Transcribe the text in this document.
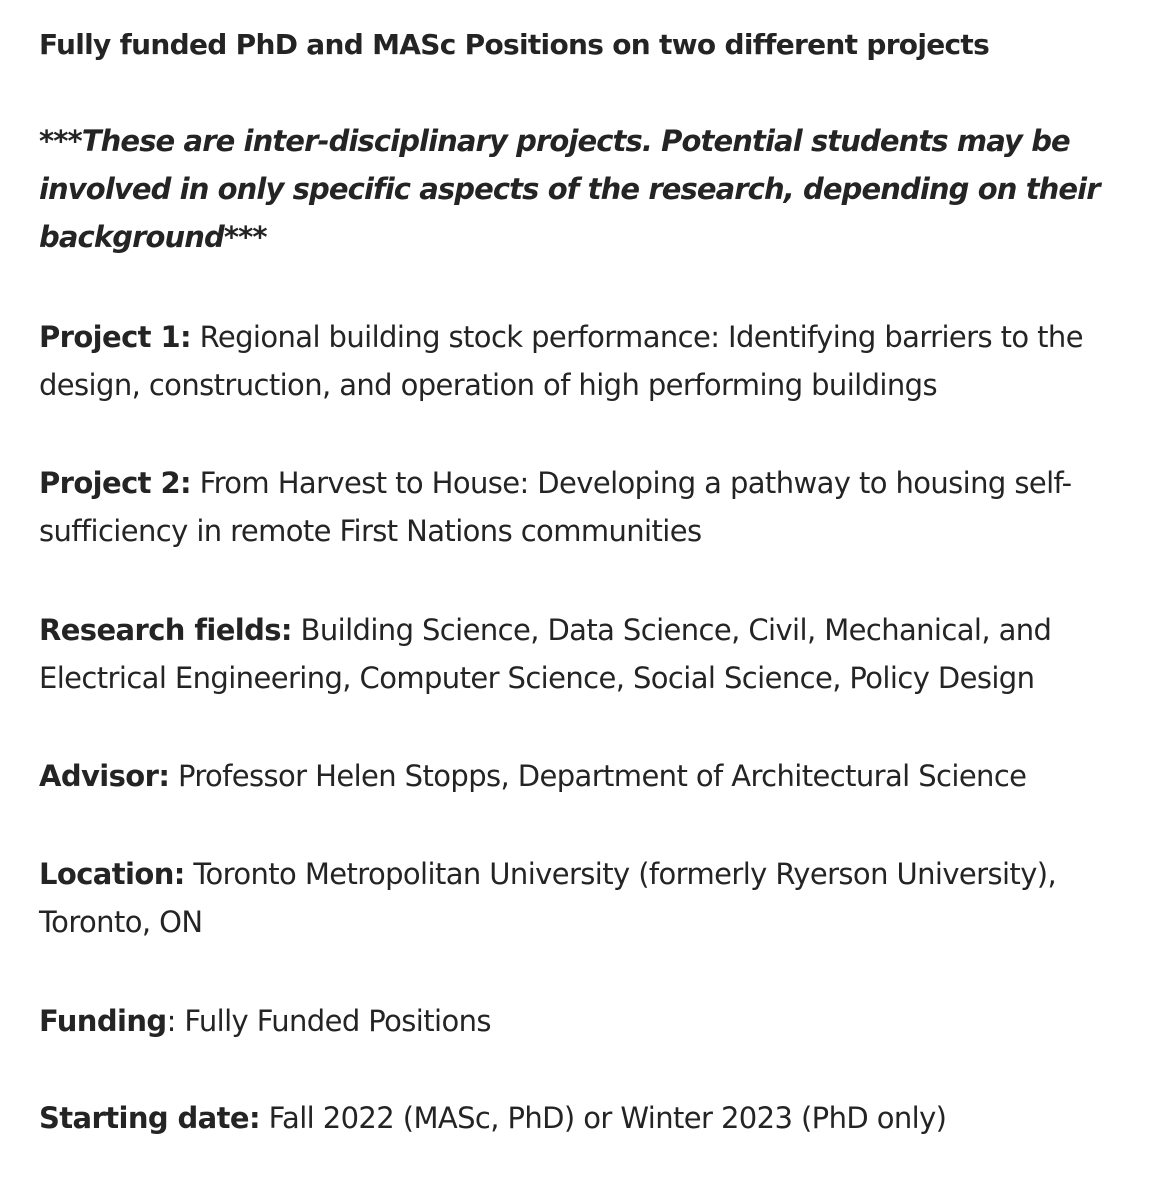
Fully funded PhD and MASc Positions on two different projects
***These are inter-disciplinary projects. Potential students may be involved in only specific aspects of the research, depending on their background***
Project 1: Regional building stock performance: Identifying barriers to the design, construction, and operation of high performing buildings
Project 2: From Harvest to House: Developing a pathway to housing self-sufficiency in remote First Nations communities
Research fields: Building Science, Data Science, Civil, Mechanical, and Electrical Engineering, Computer Science, Social Science, Policy Design
Advisor: Professor Helen Stopps, Department of Architectural Science
Location: Toronto Metropolitan University (formerly Ryerson University), Toronto, ON
Funding: Fully Funded Positions
Starting date: Fall 2022 (MASc, PhD) or Winter 2023 (PhD only)
